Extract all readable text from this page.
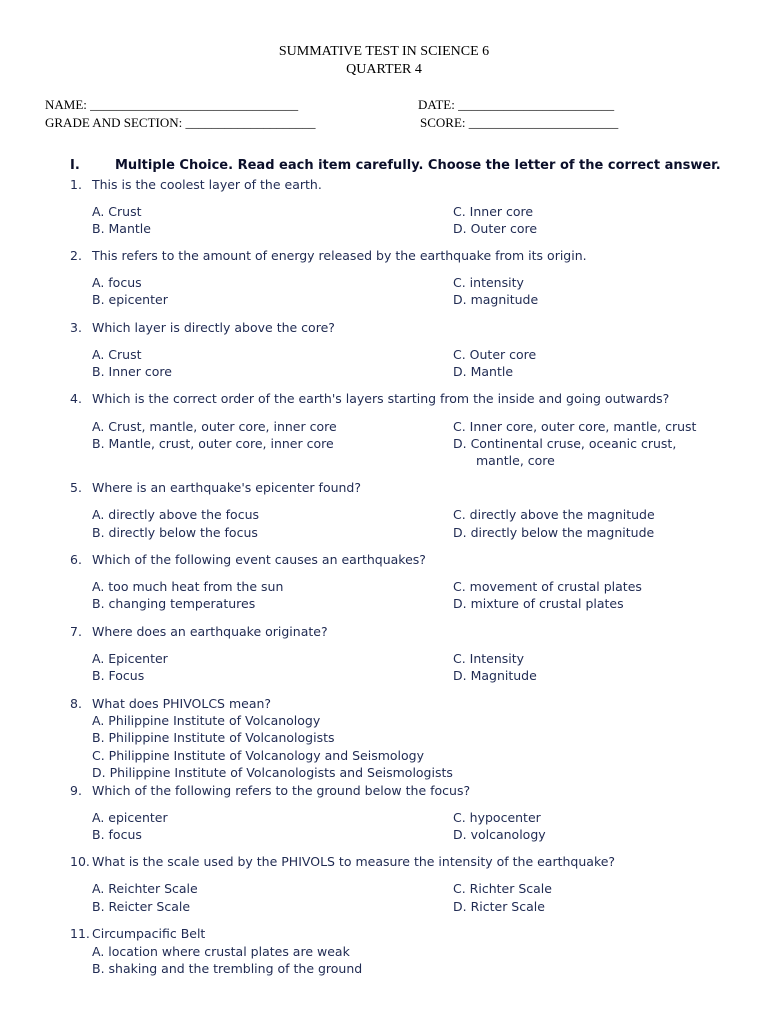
SUMMATIVE TEST IN SCIENCE 6
QUARTER 4
NAME: ________________________________	DATE: ________________________
GRADE AND SECTION: ____________________	SCORE: _______________________
I.	Multiple Choice. Read each item carefully. Choose the letter of the correct answer.
1. This is the coolest layer of the earth.
A. Crust
B. Mantle
C. Inner core
D. Outer core
2. This refers to the amount of energy released by the earthquake from its origin.
A. focus
B. epicenter
C. intensity
D. magnitude
3. Which layer is directly above the core?
A. Crust
B. Inner core
C. Outer core
D. Mantle
4. Which is the correct order of the earth's layers starting from the inside and going outwards?
A. Crust, mantle, outer core, inner core
B. Mantle, crust, outer core, inner core
C. Inner core, outer core, mantle, crust
D. Continental cruse, oceanic crust,
mantle, core
5. Where is an earthquake's epicenter found?
A. directly above the focus
B. directly below the focus
C. directly above the magnitude
D. directly below the magnitude
6. Which of the following event causes an earthquakes?
A. too much heat from the sun
B. changing temperatures
C. movement of crustal plates
D. mixture of crustal plates
7. Where does an earthquake originate?
A. Epicenter
B. Focus
C. Intensity
D. Magnitude
8. What does PHIVOLCS mean?
A. Philippine Institute of Volcanology
B. Philippine Institute of Volcanologists
C. Philippine Institute of Volcanology and Seismology
D. Philippine Institute of Volcanologists and Seismologists
9. Which of the following refers to the ground below the focus?
A. epicenter
B. focus
C. hypocenter
D. volcanology
10. What is the scale used by the PHIVOLS to measure the intensity of the earthquake?
A. Reichter Scale
B. Reicter Scale
C. Richter Scale
D. Ricter Scale
11. Circumpacific Belt
A. location where crustal plates are weak
B. shaking and the trembling of the ground
